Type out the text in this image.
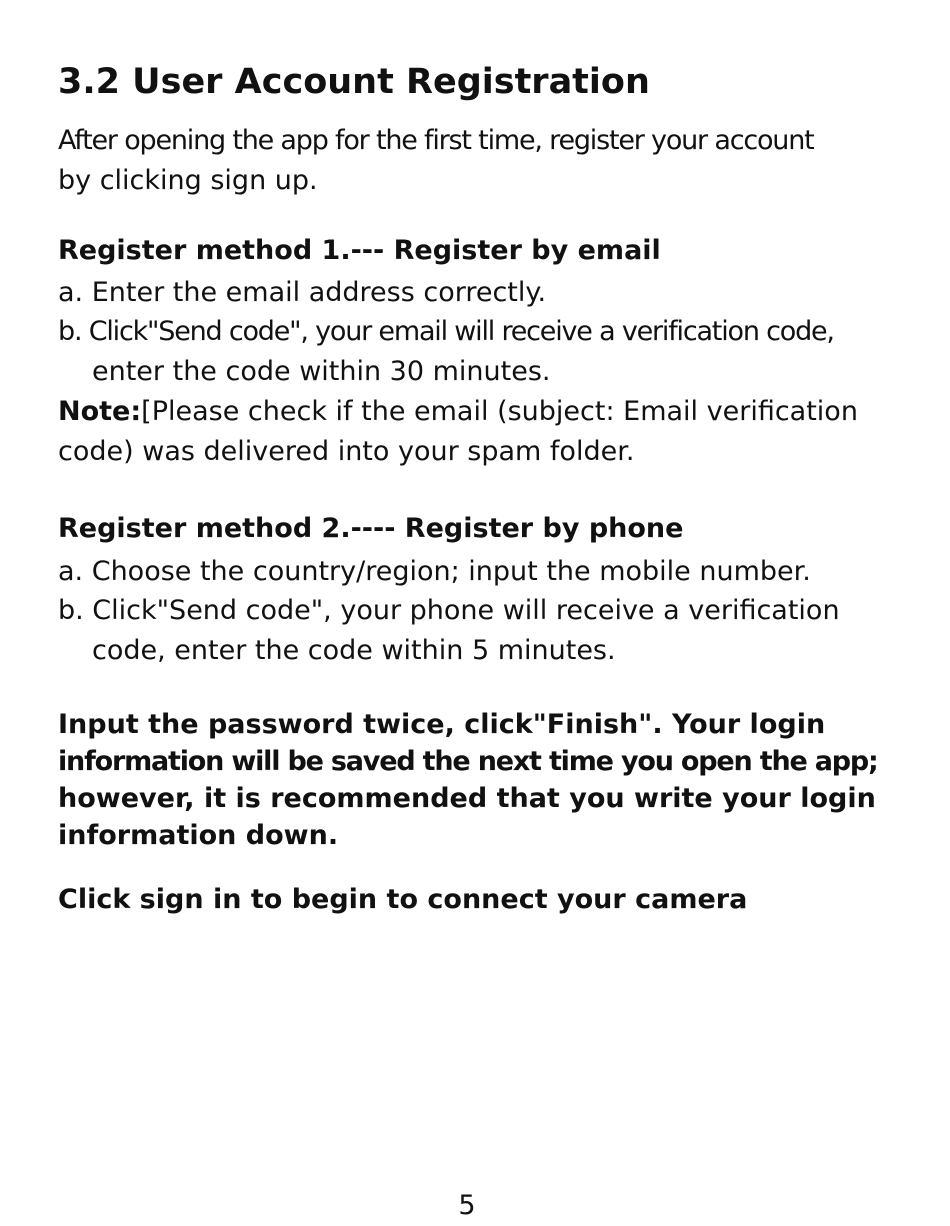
3.2 User Account Registration

After opening the app for the first time, register your account

by clicking sign up.

Register method 1.--- Register by email

a. Enter the email address correctly.

b. Click"Send code", your email will receive a verification code,

enter the code within 30 minutes.

Note:[Please check if the email (subject: Email verification

code) was delivered into your spam folder.

Register method 2.---- Register by phone

a. Choose the country/region; input the mobile number.

b. Click"Send code", your phone will receive a verification

code, enter the code within 5 minutes.

Input the password twice, click"Finish". Your login

information will be saved the next time you open the app;

however, it is recommended that you write your login

information down.

Click sign in to begin to connect your camera

5
